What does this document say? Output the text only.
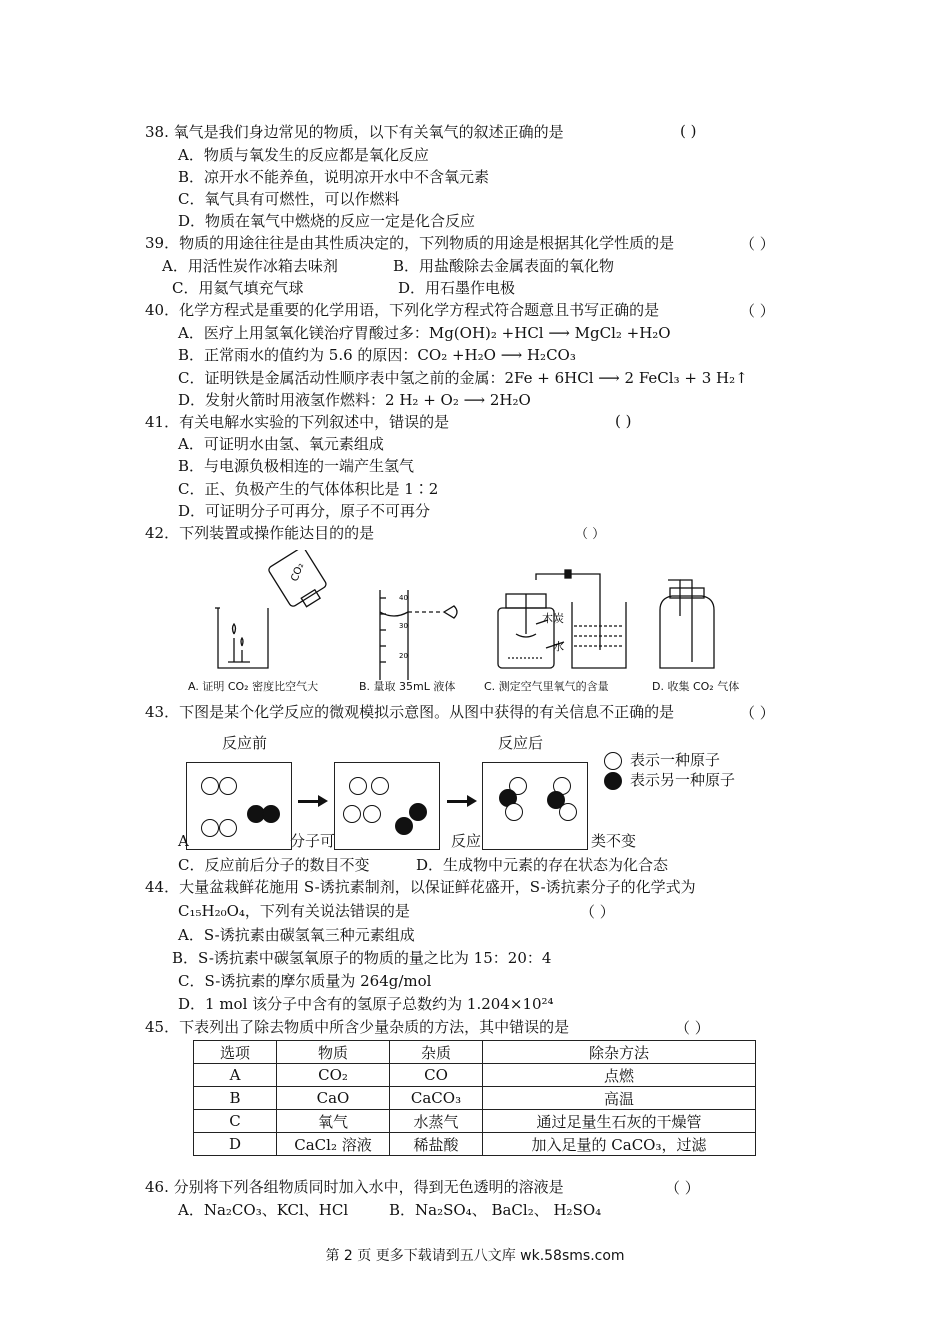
38. 氧气是我们身边常见的物质，以下有关氧气的叙述正确的是	( )
A．物质与氧发生的反应都是氧化反应
B．凉开水不能养鱼，说明凉开水中不含氧元素
C．氧气具有可燃性，可以作燃料
D．物质在氧气中燃烧的反应一定是化合反应
39．物质的用途往往是由其性质决定的，下列物质的用途是根据其化学性质的是	（ ）
A．用活性炭作冰箱去味剂	B．用盐酸除去金属表面的氧化物
C．用氦气填充气球	D．用石墨作电极
40．化学方程式是重要的化学用语，下列化学方程式符合题意且书写正确的是	（ ）
A．医疗上用氢氧化镁治疗胃酸过多：Mg(OH)₂ +HCl ⟶ MgCl₂ +H₂O
B．正常雨水的值约为 5.6 的原因：CO₂ +H₂O ⟶ H₂CO₃
C．证明铁是金属活动性顺序表中氢之前的金属：2Fe + 6HCl ⟶ 2 FeCl₃ + 3 H₂↑
D．发射火箭时用液氢作燃料：2 H₂ + O₂ ⟶ 2H₂O
41．有关电解水实验的下列叙述中，错误的是	( )
A．可证明水由氢、氧元素组成
B．与电源负极相连的一端产生氢气
C．正、负极产生的气体体积比是 1∶2
D．可证明分子可再分，原子不可再分
42．下列装置或操作能达目的的是	（ ）
CO₂
40
30
20
木炭
水
A. 证明 CO₂ 密度比空气大	B. 量取 35mL 液体	C. 测定空气里氧气的含量	D. 收集 CO₂ 气体
43．下图是某个化学反应的微观模拟示意图。从图中获得的有关信息不正确的是	（ ）
反应前	反应后
表示一种原子
表示另一种原子
A	分子可	反应	类不变
C．反应前后分子的数目不变	D．生成物中元素的存在状态为化合态
44．大量盆栽鲜花施用 S-诱抗素制剂，以保证鲜花盛开，S-诱抗素分子的化学式为
C₁₅H₂₀O₄，下列有关说法错误的是	（ ）
A．S-诱抗素由碳氢氧三种元素组成
B．S-诱抗素中碳氢氧原子的物质的量之比为 15：20：4
C．S-诱抗素的摩尔质量为 264g/mol
D．1 mol 该分子中含有的氢原子总数约为 1.204×10²⁴
45．下表列出了除去物质中所含少量杂质的方法，其中错误的是	（ ）
选项	物质	杂质	除杂方法
A	CO₂	CO	点燃
B	CaO	CaCO₃	高温
C	氧气	水蒸气	通过足量生石灰的干燥管
D	CaCl₂ 溶液	稀盐酸	加入足量的 CaCO₃，过滤
46. 分别将下列各组物质同时加入水中，得到无色透明的溶液是	（ ）
A．Na₂CO₃、KCl、HCl	B．Na₂SO₄、 BaCl₂、 H₂SO₄
第 2 页 更多下载请到五八文库 wk.58sms.com
